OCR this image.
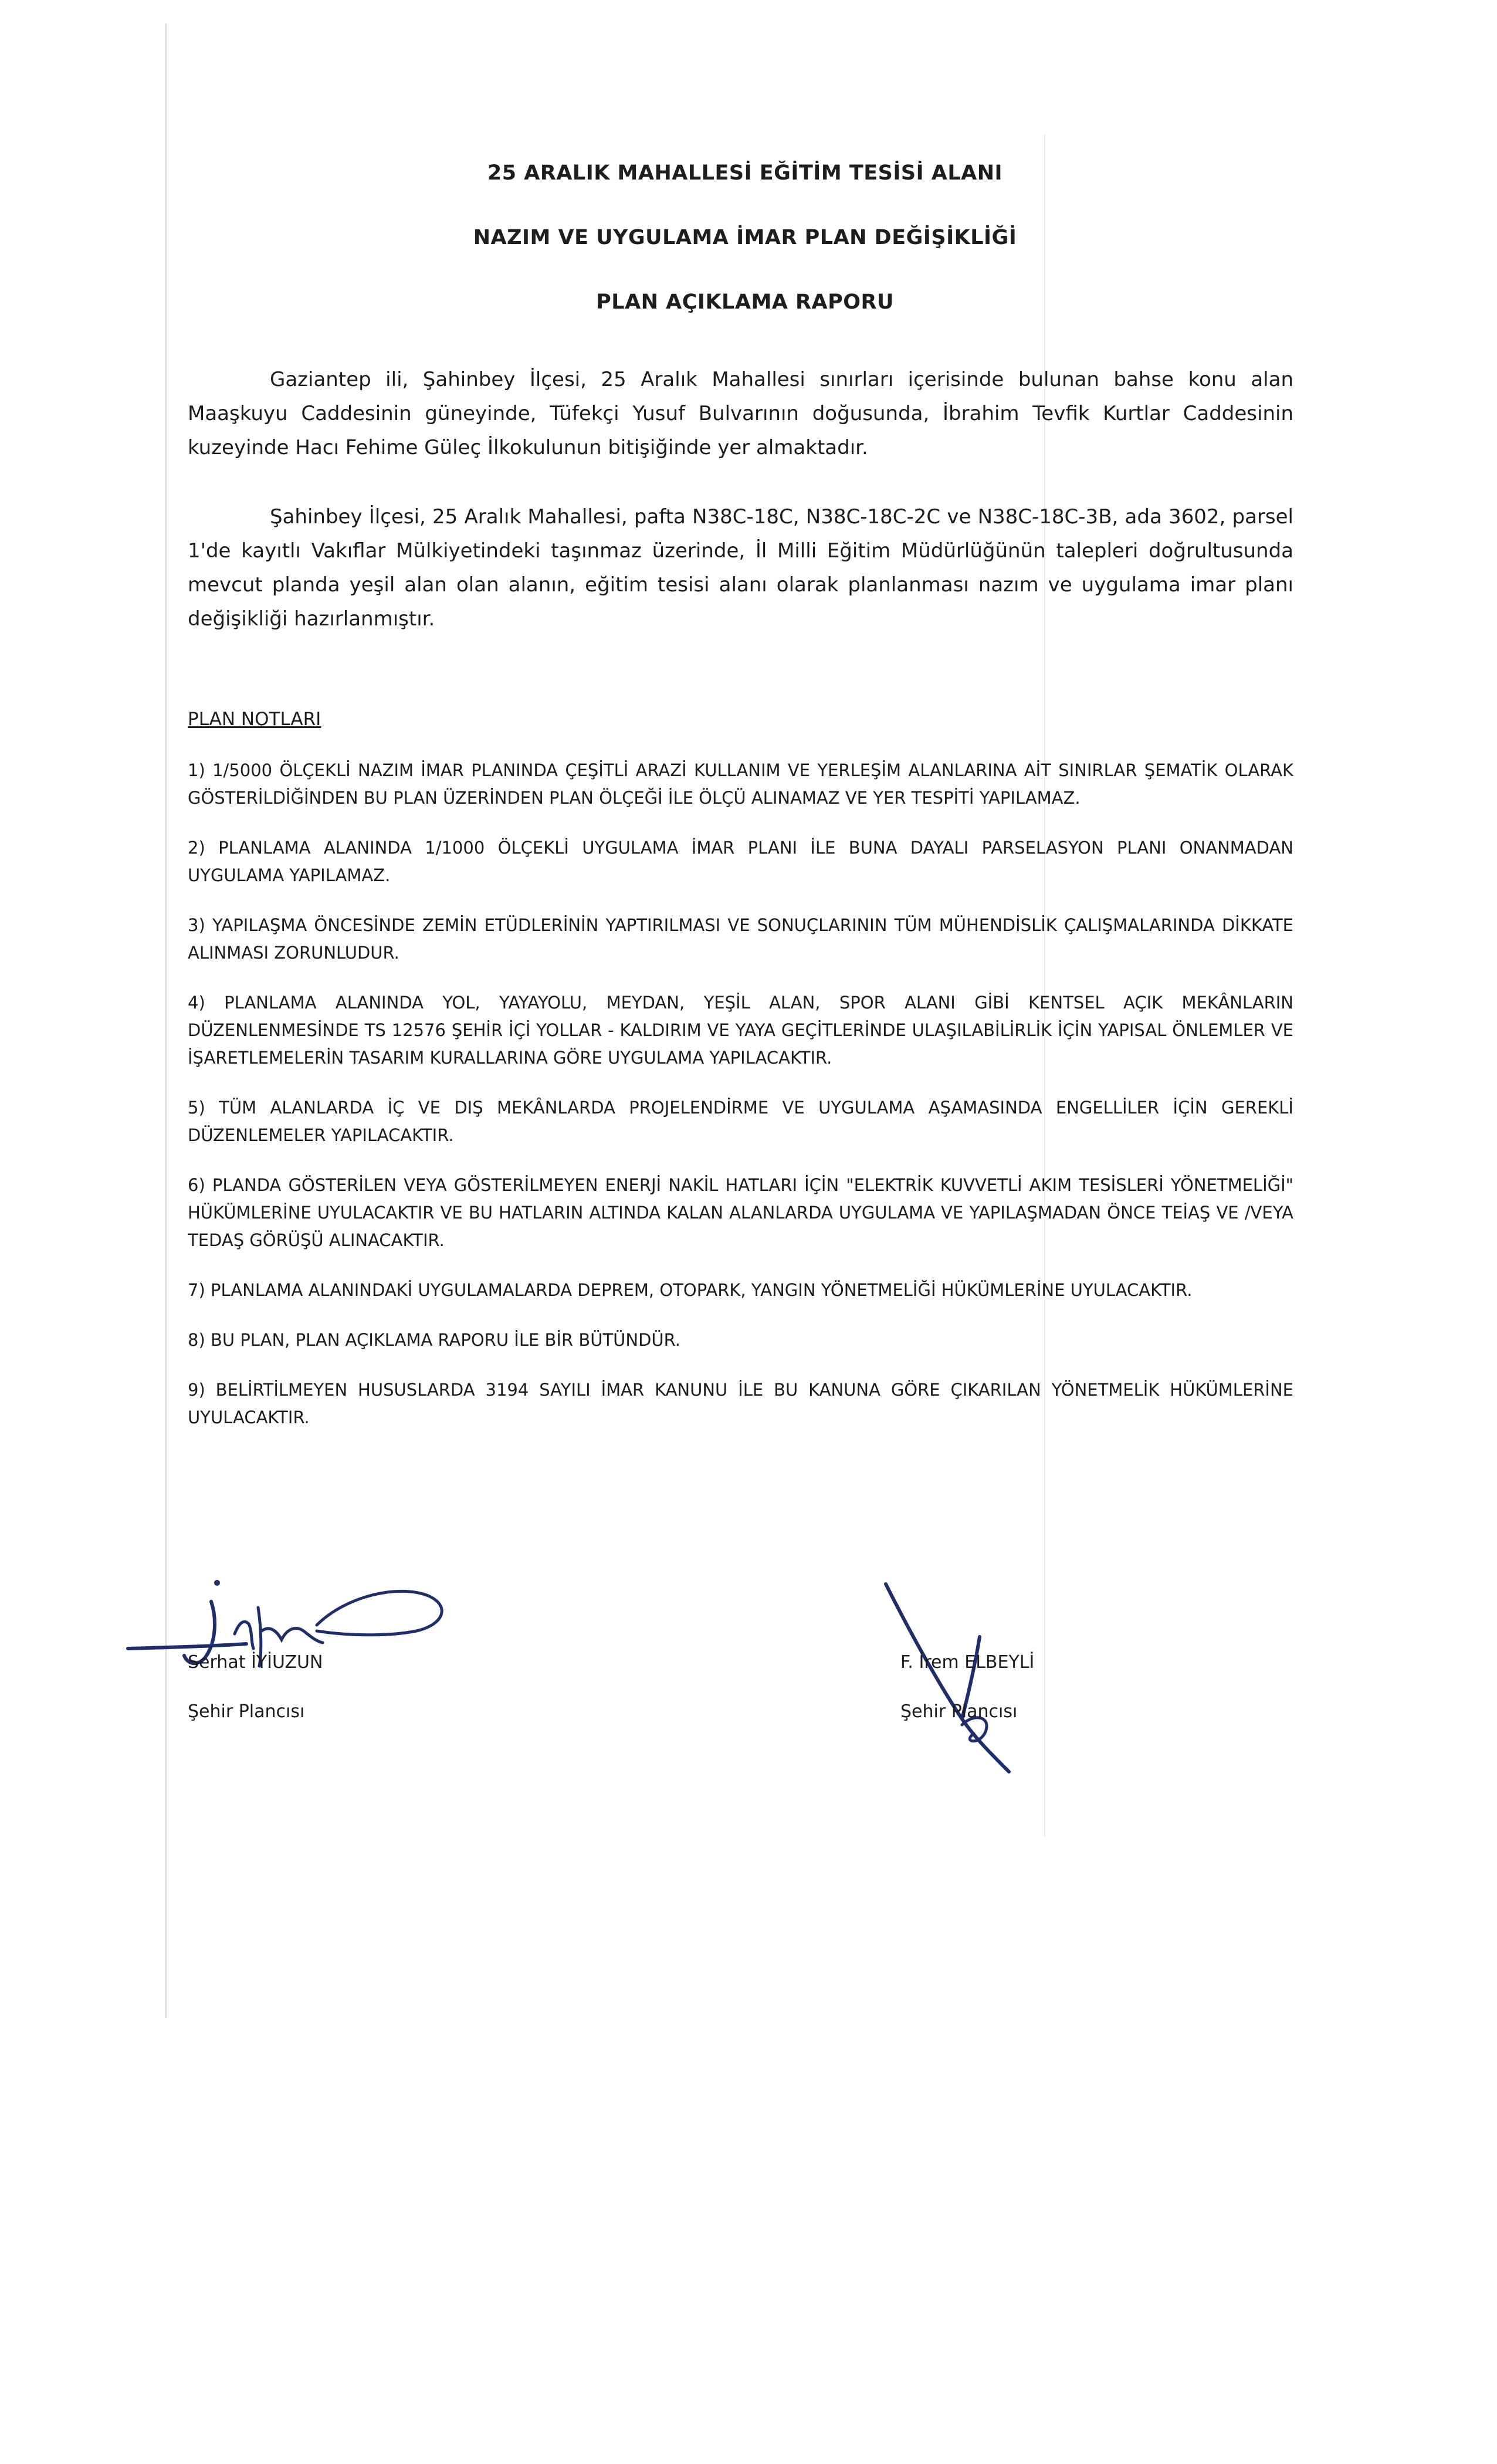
25 ARALIK MAHALLESİ EĞİTİM TESİSİ ALANI
NAZIM VE UYGULAMA İMAR PLAN DEĞİŞİKLİĞİ
PLAN AÇIKLAMA RAPORU
Gaziantep ili, Şahinbey İlçesi, 25 Aralık Mahallesi sınırları içerisinde bulunan bahse konu alan Maaşkuyu Caddesinin güneyinde, Tüfekçi Yusuf Bulvarının doğusunda, İbrahim Tevfik Kurtlar Caddesinin kuzeyinde Hacı Fehime Güleç İlkokulunun bitişiğinde yer almaktadır.
Şahinbey İlçesi, 25 Aralık Mahallesi, pafta N38C-18C, N38C-18C-2C ve N38C-18C-3B, ada 3602, parsel 1'de kayıtlı Vakıflar Mülkiyetindeki taşınmaz üzerinde, İl Milli Eğitim Müdürlüğünün talepleri doğrultusunda mevcut planda yeşil alan olan alanın, eğitim tesisi alanı olarak planlanması nazım ve uygulama imar planı değişikliği hazırlanmıştır.
PLAN NOTLARI
1) 1/5000 ÖLÇEKLİ NAZIM İMAR PLANINDA ÇEŞİTLİ ARAZİ KULLANIM VE YERLEŞİM ALANLARINA AİT SINIRLAR ŞEMATİK OLARAK GÖSTERİLDİĞİNDEN BU PLAN ÜZERİNDEN PLAN ÖLÇEĞİ İLE ÖLÇÜ ALINAMAZ VE YER TESPİTİ YAPILAMAZ.
2) PLANLAMA ALANINDA 1/1000 ÖLÇEKLİ UYGULAMA İMAR PLANI İLE BUNA DAYALI PARSELASYON PLANI ONANMADAN UYGULAMA YAPILAMAZ.
3) YAPILAŞMA ÖNCESİNDE ZEMİN ETÜDLERİNİN YAPTIRILMASI VE SONUÇLARININ TÜM MÜHENDİSLİK ÇALIŞMALARINDA DİKKATE ALINMASI ZORUNLUDUR.
4) PLANLAMA ALANINDA YOL, YAYAYOLU, MEYDAN, YEŞİL ALAN, SPOR ALANI GİBİ KENTSEL AÇIK MEKÂNLARIN DÜZENLENMESİNDE TS 12576 ŞEHİR İÇİ YOLLAR - KALDIRIM VE YAYA GEÇİTLERİNDE ULAŞILABİLİRLİK İÇİN YAPISAL ÖNLEMLER VE İŞARETLEMELERİN TASARIM KURALLARINA GÖRE UYGULAMA YAPILACAKTIR.
5) TÜM ALANLARDA İÇ VE DIŞ MEKÂNLARDA PROJELENDİRME VE UYGULAMA AŞAMASINDA ENGELLİLER İÇİN GEREKLİ DÜZENLEMELER YAPILACAKTIR.
6) PLANDA GÖSTERİLEN VEYA GÖSTERİLMEYEN ENERJİ NAKİL HATLARI İÇİN "ELEKTRİK KUVVETLİ AKIM TESİSLERİ YÖNETMELİĞİ" HÜKÜMLERİNE UYULACAKTIR VE BU HATLARIN ALTINDA KALAN ALANLARDA UYGULAMA VE YAPILAŞMADAN ÖNCE TEİAŞ VE /VEYA TEDAŞ GÖRÜŞÜ ALINACAKTIR.
7) PLANLAMA ALANINDAKİ UYGULAMALARDA DEPREM, OTOPARK, YANGIN YÖNETMELİĞİ HÜKÜMLERİNE UYULACAKTIR.
8) BU PLAN, PLAN AÇIKLAMA RAPORU İLE BİR BÜTÜNDÜR.
9) BELİRTİLMEYEN HUSUSLARDA 3194 SAYILI İMAR KANUNU İLE BU KANUNA GÖRE ÇIKARILAN YÖNETMELİK HÜKÜMLERİNE UYULACAKTIR.
Serhat İYİUZUN
Şehir Plancısı
F. İrem ELBEYLİ
Şehir Plancısı
